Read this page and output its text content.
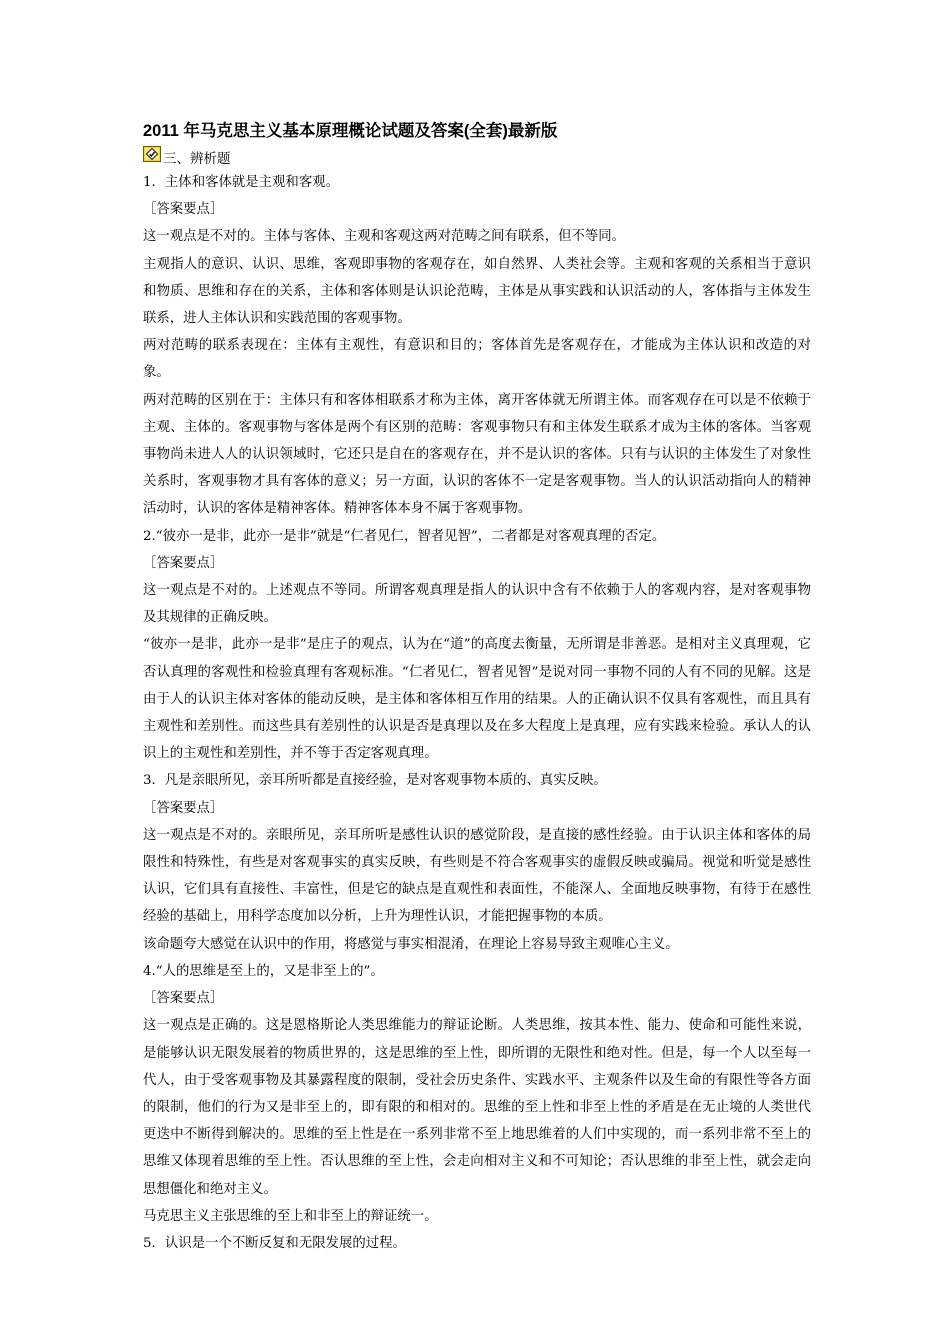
2011 年马克思主义基本原理概论试题及答案(全套)最新版
三、辨析题

1．主体和客体就是主观和客观。

［答案要点］

这一观点是不对的。主体与客体、主观和客观这两对范畴之间有联系，但不等同。

主观指人的意识、认识、思维，客观即事物的客观存在，如自然界、人类社会等。主观和客观的关系相当于意识和物质、思维和存在的关系，主体和客体则是认识论范畴，主体是从事实践和认识活动的人，客体指与主体发生联系，进人主体认识和实践范围的客观事物。

两对范畴的联系表现在：主体有主观性，有意识和目的；客体首先是客观存在，才能成为主体认识和改造的对象。

两对范畴的区别在于：主体只有和客体相联系才称为主体，离开客体就无所谓主体。而客观存在可以是不依赖于主观、主体的。客观事物与客体是两个有区别的范畴：客观事物只有和主体发生联系才成为主体的客体。当客观事物尚未进人人的认识领域时，它还只是自在的客观存在，并不是认识的客体。只有与认识的主体发生了对象性关系时，客观事物才具有客体的意义；另一方面，认识的客体不一定是客观事物。当人的认识活动指向人的精神活动时，认识的客体是精神客体。精神客体本身不属于客观事物。

2.“彼亦一是非，此亦一是非”就是“仁者见仁，智者见智”，二者都是对客观真理的否定。

［答案要点］

这一观点是不对的。上述观点不等同。所谓客观真理是指人的认识中含有不依赖于人的客观内容，是对客观事物及其规律的正确反映。

“彼亦一是非，此亦一是非”是庄子的观点，认为在“道”的高度去衡量，无所谓是非善恶。是相对主义真理观，它否认真理的客观性和检验真理有客观标准。“仁者见仁，智者见智”是说对同一事物不同的人有不同的见解。这是由于人的认识主体对客体的能动反映，是主体和客体相互作用的结果。人的正确认识不仅具有客观性，而且具有主观性和差别性。而这些具有差别性的认识是否是真理以及在多大程度上是真理，应有实践来检验。承认人的认识上的主观性和差别性，并不等于否定客观真理。

3．凡是亲眼所见，亲耳所听都是直接经验，是对客观事物本质的、真实反映。

［答案要点］

这一观点是不对的。亲眼所见，亲耳所听是感性认识的感觉阶段，是直接的感性经验。由于认识主体和客体的局限性和特殊性，有些是对客观事实的真实反映，有些则是不符合客观事实的虚假反映或骗局。视觉和听觉是感性认识，它们具有直接性、丰富性，但是它的缺点是直观性和表面性，不能深人、全面地反映事物，有待于在感性经验的基础上，用科学态度加以分析，上升为理性认识，才能把握事物的本质。

该命题夸大感觉在认识中的作用，将感觉与事实相混淆，在理论上容易导致主观唯心主义。

4.“人的思维是至上的，又是非至上的”。

［答案要点］

这一观点是正确的。这是恩格斯论人类思维能力的辩证论断。人类思维，按其本性、能力、使命和可能性来说，是能够认识无限发展着的物质世界的，这是思维的至上性，即所谓的无限性和绝对性。但是，每一个人以至每一代人，由于受客观事物及其暴露程度的限制，受社会历史条件、实践水平、主观条件以及生命的有限性等各方面的限制，他们的行为又是非至上的，即有限的和相对的。思维的至上性和非至上性的矛盾是在无止境的人类世代更迭中不断得到解决的。思维的至上性是在一系列非常不至上地思维着的人们中实现的，而一系列非常不至上的思维又体现着思维的至上性。否认思维的至上性，会走向相对主义和不可知论；否认思维的非至上性，就会走向思想僵化和绝对主义。

马克思主义主张思维的至上和非至上的辩证统一。

5．认识是一个不断反复和无限发展的过程。
